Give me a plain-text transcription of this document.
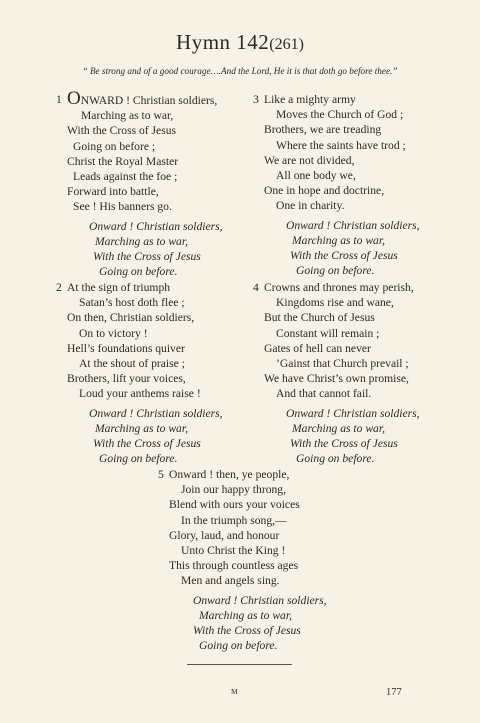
Hymn 142(261)
“ Be strong and of a good courage….And the Lord, He it is that doth go before thee.”
1 ONWARD ! Christian soldiers,
Marching as to war,
With the Cross of Jesus
Going on before ;
Christ the Royal Master
Leads against the foe ;
Forward into battle,
See ! His banners go.
Onward ! Christian soldiers,
Marching as to war,
With the Cross of Jesus
Going on before.
3 Like a mighty army
Moves the Church of God ;
Brothers, we are treading
Where the saints have trod ;
We are not divided,
All one body we,
One in hope and doctrine,
One in charity.
Onward ! Christian soldiers,
Marching as to war,
With the Cross of Jesus
Going on before.
2 At the sign of triumph
Satan’s host doth flee ;
On then, Christian soldiers,
On to victory !
Hell’s foundations quiver
At the shout of praise ;
Brothers, lift your voices,
Loud your anthems raise !
Onward ! Christian soldiers,
Marching as to war,
With the Cross of Jesus
Going on before.
4 Crowns and thrones may perish,
Kingdoms rise and wane,
But the Church of Jesus
Constant will remain ;
Gates of hell can never
’Gainst that Church prevail ;
We have Christ’s own promise,
And that cannot fail.
Onward ! Christian soldiers,
Marching as to war,
With the Cross of Jesus
Going on before.
5 Onward ! then, ye people,
Join our happy throng,
Blend with ours your voices
In the triumph song,—
Glory, laud, and honour
Unto Christ the King !
This through countless ages
Men and angels sing.
Onward ! Christian soldiers,
Marching as to war,
With the Cross of Jesus
Going on before.
M	177
